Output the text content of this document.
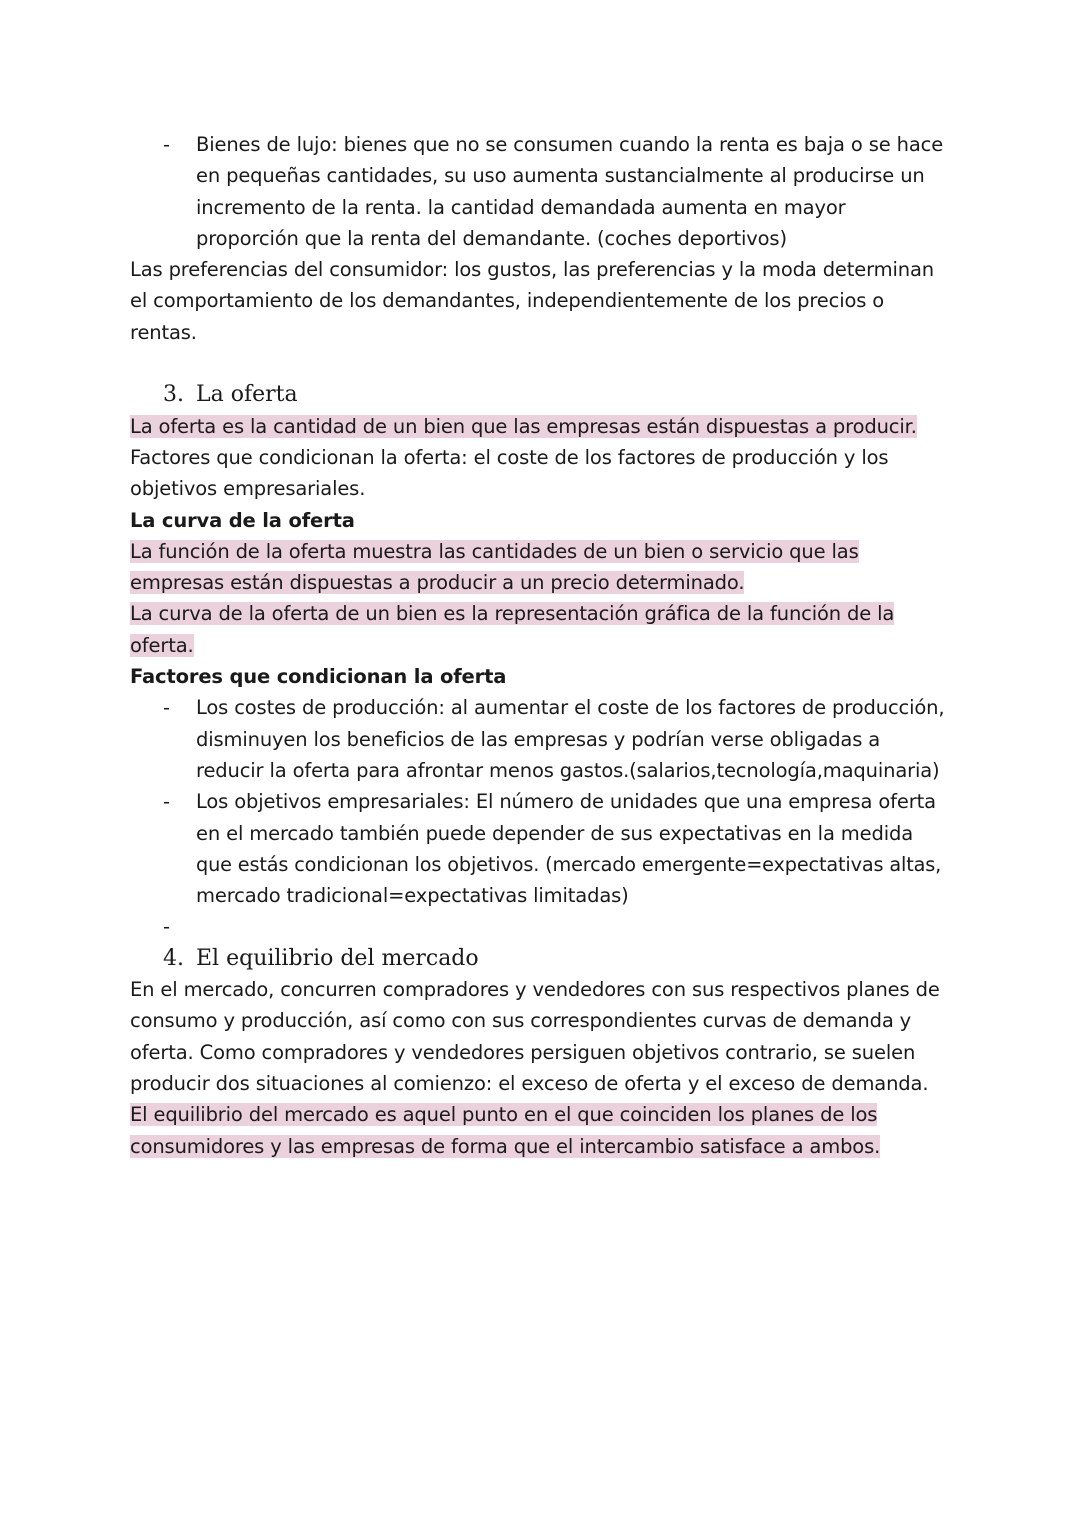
- Bienes de lujo: bienes que no se consumen cuando la renta es baja o se hace
en pequeñas cantidades, su uso aumenta sustancialmente al producirse un
incremento de la renta. la cantidad demandada aumenta en mayor
proporción que la renta del demandante. (coches deportivos)
Las preferencias del consumidor: los gustos, las preferencias y la moda determinan
el comportamiento de los demandantes, independientemente de los precios o
rentas.
3. La oferta
La oferta es la cantidad de un bien que las empresas están dispuestas a producir.
Factores que condicionan la oferta: el coste de los factores de producción y los
objetivos empresariales.
La curva de la oferta
La función de la oferta muestra las cantidades de un bien o servicio que las
empresas están dispuestas a producir a un precio determinado.
La curva de la oferta de un bien es la representación gráfica de la función de la
oferta.
Factores que condicionan la oferta
- Los costes de producción: al aumentar el coste de los factores de producción,
disminuyen los beneficios de las empresas y podrían verse obligadas a
reducir la oferta para afrontar menos gastos.(salarios,tecnología,maquinaria)
- Los objetivos empresariales: El número de unidades que una empresa oferta
en el mercado también puede depender de sus expectativas en la medida
que estás condicionan los objetivos. (mercado emergente=expectativas altas,
mercado tradicional=expectativas limitadas)
-
4. El equilibrio del mercado
En el mercado, concurren compradores y vendedores con sus respectivos planes de
consumo y producción, así como con sus correspondientes curvas de demanda y
oferta. Como compradores y vendedores persiguen objetivos contrario, se suelen
producir dos situaciones al comienzo: el exceso de oferta y el exceso de demanda.
El equilibrio del mercado es aquel punto en el que coinciden los planes de los
consumidores y las empresas de forma que el intercambio satisface a ambos.
